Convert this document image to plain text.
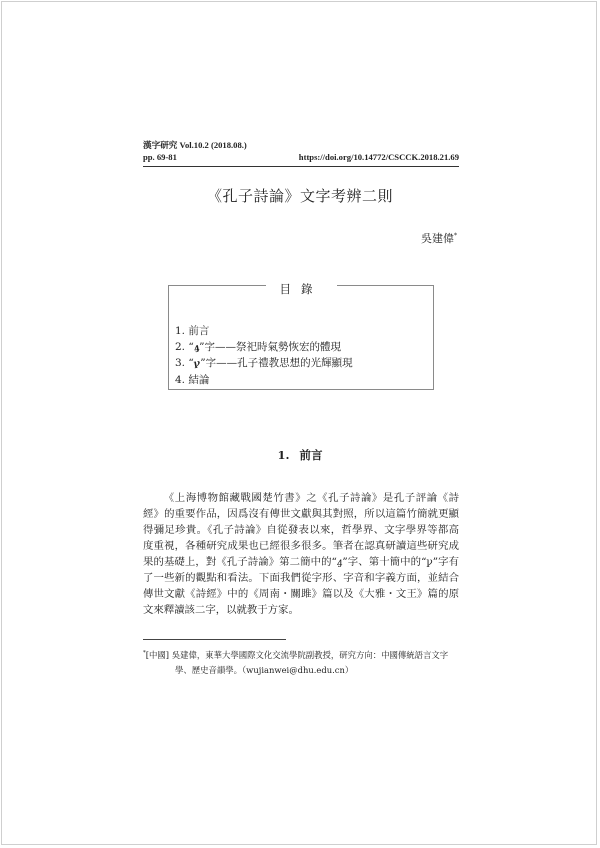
漢字研究 Vol.10.2 (2018.08.)
pp. 69-81	https://doi.org/10.14772/CSCCK.2018.21.69
《孔子詩論》文字考辨二則
吳建偉*
目錄
1. 前言
2. “ꜭ”字——祭祀時氣勢恢宏的體現
3. “ꝩ”字——孔子禮教思想的光輝顯現
4. 結論
1. 前言

《上海博物館藏戰國楚竹書》之《孔子詩論》是孔子評論《詩經》的重要作品，因爲沒有傳世文獻與其對照，所以這篇竹簡就更顯得彌足珍貴。《孔子詩論》自從發表以來，哲學界、文字學界等都高度重視，各種研究成果也已經很多很多。筆者在認真研讀這些研究成果的基礎上，對《孔子詩論》第二簡中的“ꜭ”字、第十簡中的“ꝩ”字有了一些新的觀點和看法。下面我們從字形、字音和字義方面，並結合傳世文獻《詩經》中的《周南・關雎》篇以及《大雅・文王》篇的原文來釋讀該二字，以就教于方家。

*[中國] 吳建偉，東華大學國際文化交流學院副教授，研究方向：中國傳統語言文字
學、歷史音韻學。（wujianwei@dhu.edu.cn）
